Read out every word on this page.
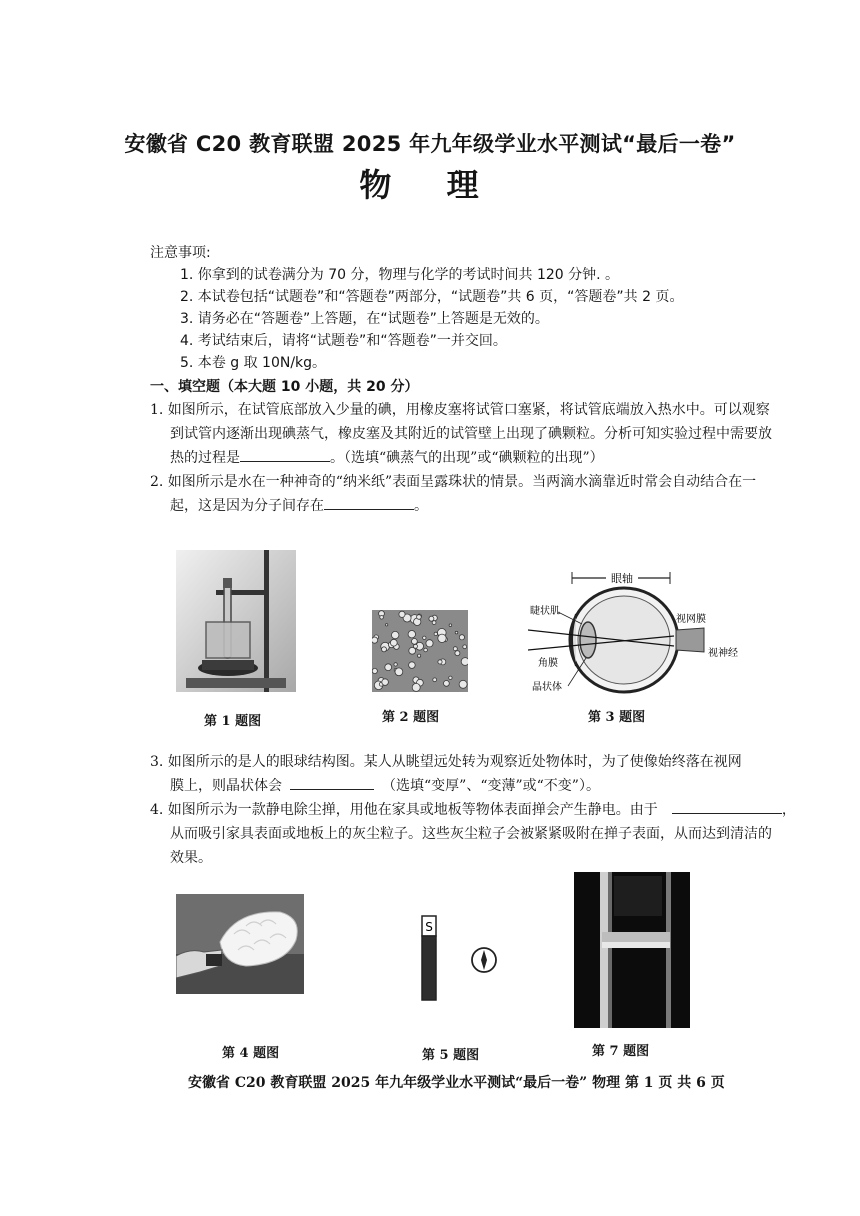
安徽省 C20 教育联盟 2025 年九年级学业水平测试“最后一卷”
物 理
注意事项:
1. 你拿到的试卷满分为 70 分，物理与化学的考试时间共 120 分钟. 。
2. 本试卷包括“试题卷”和“答题卷”两部分，“试题卷”共 6 页，“答题卷”共 2 页。
3. 请务必在“答题卷”上答题，在“试题卷”上答题是无效的。
4. 考试结束后，请将“试题卷”和“答题卷”一并交回。
5. 本卷 g 取 10N/kg。
一、填空题（本大题 10 小题，共 20 分）
1. 如图所示，在试管底部放入少量的碘，用橡皮塞将试管口塞紧，将试管底端放入热水中。可以观察
到试管内逐渐出现碘蒸气，橡皮塞及其附近的试管壁上出现了碘颗粒。分析可知实验过程中需要放
热的过程是	。（选填“碘蒸气的出现”或“碘颗粒的出现”）
2. 如图所示是水在一种神奇的“纳米纸”表面呈露珠状的情景。当两滴水滴靠近时常会自动结合在一
起，这是因为分子间存在	。
第 1 题图	第 2 题图
眼轴
睫状肌
视网膜
角膜
视神经
晶状体
第 3 题图
3. 如图所示的是人的眼球结构图。某人从眺望远处转为观察近处物体时，为了使像始终落在视网
膜上，则晶状体会	（选填“变厚”、“变薄”或“不变”）。
4. 如图所示为一款静电除尘掸，用他在家具或地板等物体表面掸会产生静电。由于	，
从而吸引家具表面或地板上的灰尘粒子。这些灰尘粒子会被紧紧吸附在掸子表面，从而达到清洁的
效果。
第 4 题图
S
第 5 题图	第 7 题图
安徽省 C20 教育联盟 2025 年九年级学业水平测试“最后一卷” 物理 第 1 页 共 6 页
